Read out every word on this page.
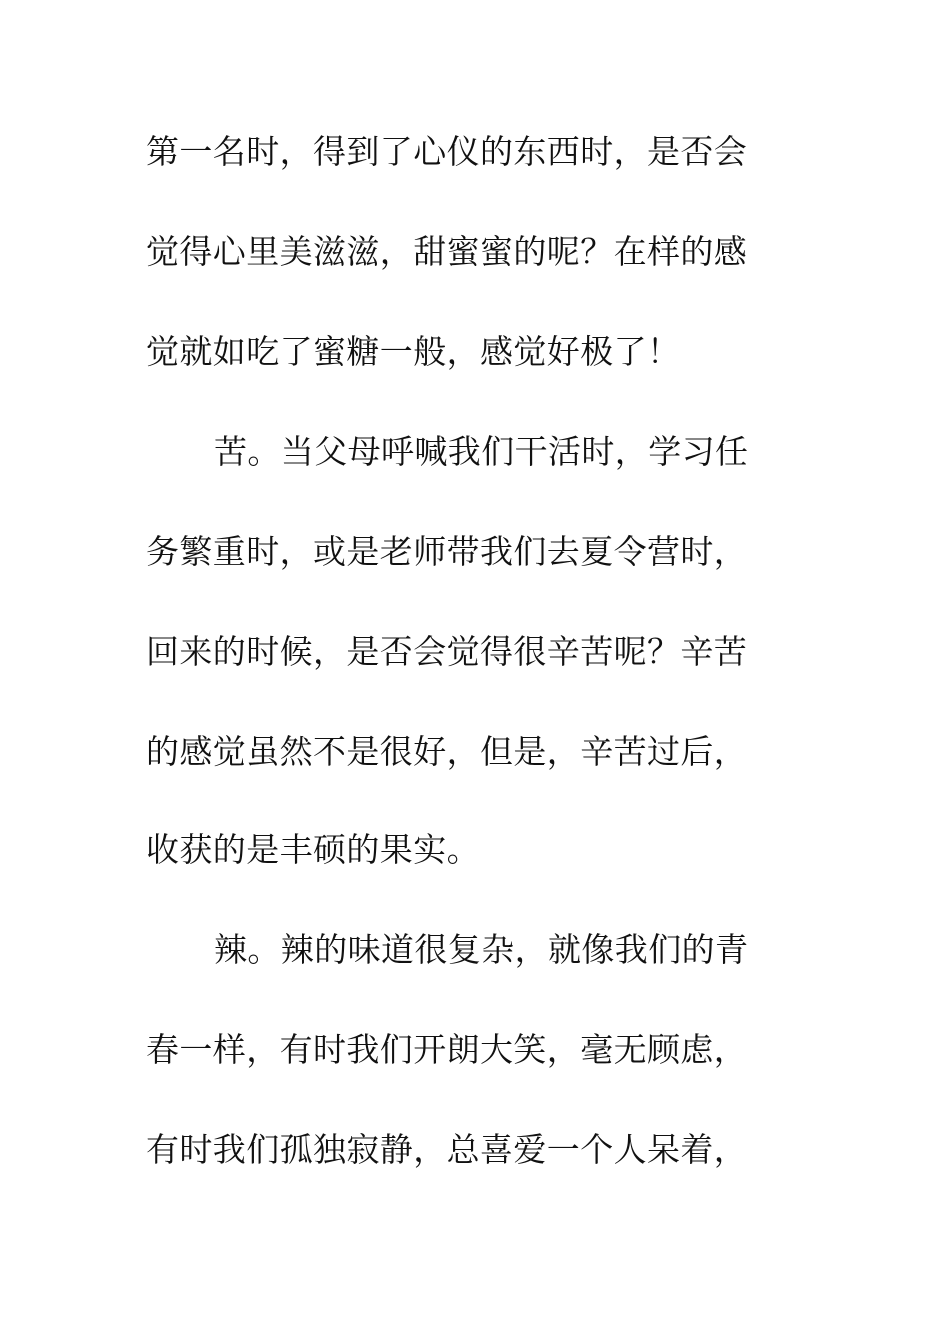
第一名时，得到了心仪的东西时，是否会
觉得心里美滋滋，甜蜜蜜的呢？在样的感
觉就如吃了蜜糖一般，感觉好极了！
苦。当父母呼喊我们干活时，学习任
务繁重时，或是老师带我们去夏令营时，
回来的时候，是否会觉得很辛苦呢？辛苦
的感觉虽然不是很好，但是，辛苦过后，
收获的是丰硕的果实。
辣。辣的味道很复杂，就像我们的青
春一样，有时我们开朗大笑，毫无顾虑，
有时我们孤独寂静，总喜爱一个人呆着，
